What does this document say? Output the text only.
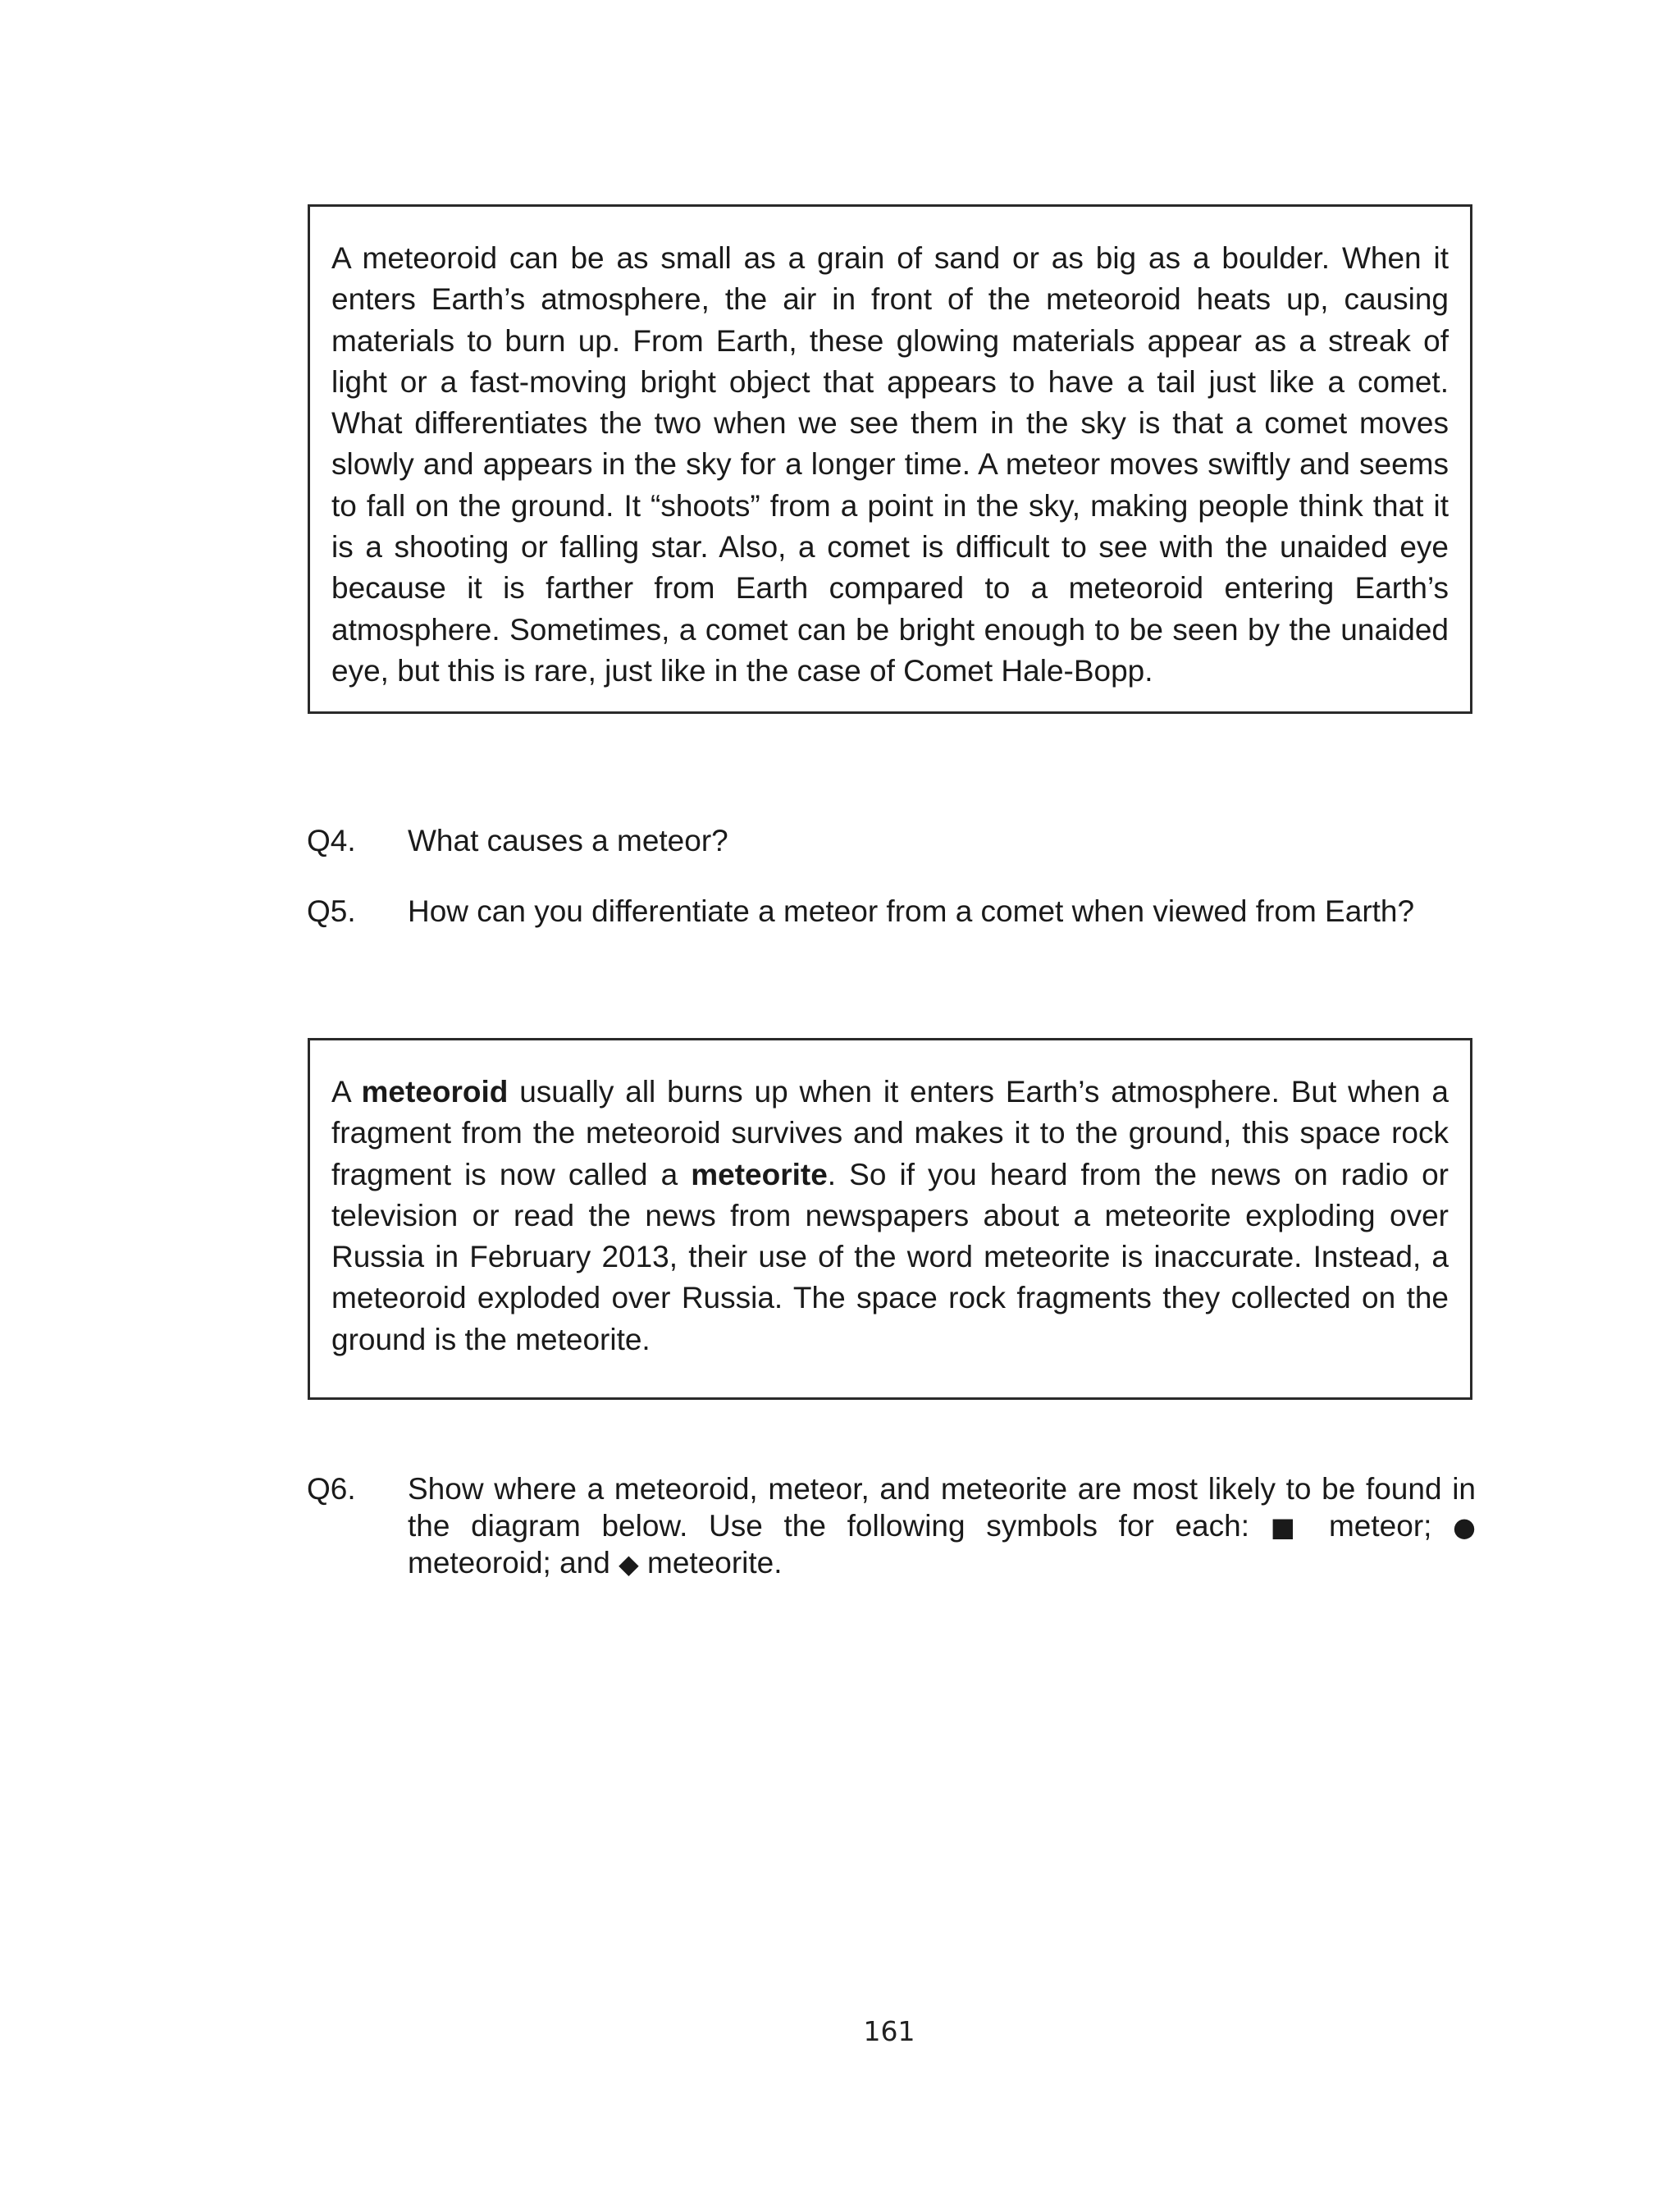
A meteoroid can be as small as a grain of sand or as big as a boulder. When it enters Earth’s atmosphere, the air in front of the meteoroid heats up, causing materials to burn up. From Earth, these glowing materials appear as a streak of light or a fast-moving bright object that appears to have a tail just like a comet. What differentiates the two when we see them in the sky is that a comet moves slowly and appears in the sky for a longer time. A meteor moves swiftly and seems to fall on the ground. It “shoots” from a point in the sky, making people think that it is a shooting or falling star. Also, a comet is difficult to see with the unaided eye because it is farther from Earth compared to a meteoroid entering Earth’s atmosphere. Sometimes, a comet can be bright enough to be seen by the unaided eye, but this is rare, just like in the case of Comet Hale-Bopp.

Q4. What causes a meteor?
Q5. How can you differentiate a meteor from a comet when viewed from Earth?

A meteoroid usually all burns up when it enters Earth’s atmosphere. But when a fragment from the meteoroid survives and makes it to the ground, this space rock fragment is now called a meteorite. So if you heard from the news on radio or television or read the news from newspapers about a meteorite exploding over Russia in February 2013, their use of the word meteorite is inaccurate. Instead, a meteoroid exploded over Russia. The space rock fragments they collected on the ground is the meteorite.

Q6. Show where a meteoroid, meteor, and meteorite are most likely to be found in the diagram below. Use the following symbols for each: ■ meteor; ● meteoroid; and ◆ meteorite.
161
